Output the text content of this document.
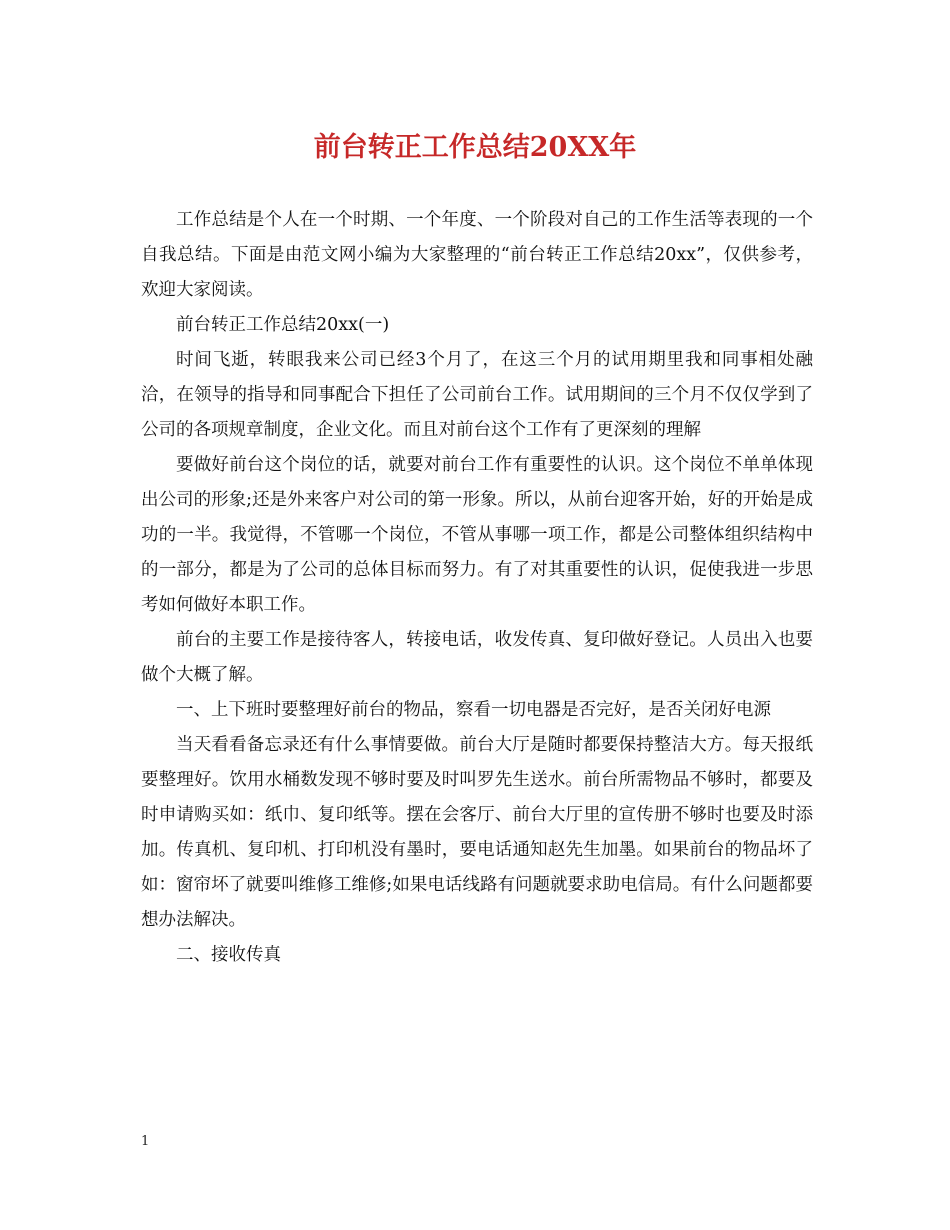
前台转正工作总结20XX年

工作总结是个人在一个时期、一个年度、一个阶段对自己的工作生活等表现的一个自我总结。下面是由范文网小编为大家整理的“前台转正工作总结20xx”，仅供参考，欢迎大家阅读。

前台转正工作总结20xx(一)

时间飞逝，转眼我来公司已经3个月了，在这三个月的试用期里我和同事相处融洽，在领导的指导和同事配合下担任了公司前台工作。试用期间的三个月不仅仅学到了公司的各项规章制度，企业文化。而且对前台这个工作有了更深刻的理解

要做好前台这个岗位的话，就要对前台工作有重要性的认识。这个岗位不单单体现出公司的形象;还是外来客户对公司的第一形象。所以，从前台迎客开始，好的开始是成功的一半。我觉得，不管哪一个岗位，不管从事哪一项工作，都是公司整体组织结构中的一部分，都是为了公司的总体目标而努力。有了对其重要性的认识，促使我进一步思考如何做好本职工作。

前台的主要工作是接待客人，转接电话，收发传真、复印做好登记。人员出入也要做个大概了解。

一、上下班时要整理好前台的物品，察看一切电器是否完好，是否关闭好电源

当天看看备忘录还有什么事情要做。前台大厅是随时都要保持整洁大方。每天报纸要整理好。饮用水桶数发现不够时要及时叫罗先生送水。前台所需物品不够时，都要及时申请购买如：纸巾、复印纸等。摆在会客厅、前台大厅里的宣传册不够时也要及时添加。传真机、复印机、打印机没有墨时，要电话通知赵先生加墨。如果前台的物品坏了如：窗帘坏了就要叫维修工维修;如果电话线路有问题就要求助电信局。有什么问题都要想办法解决。

二、接收传真

1
